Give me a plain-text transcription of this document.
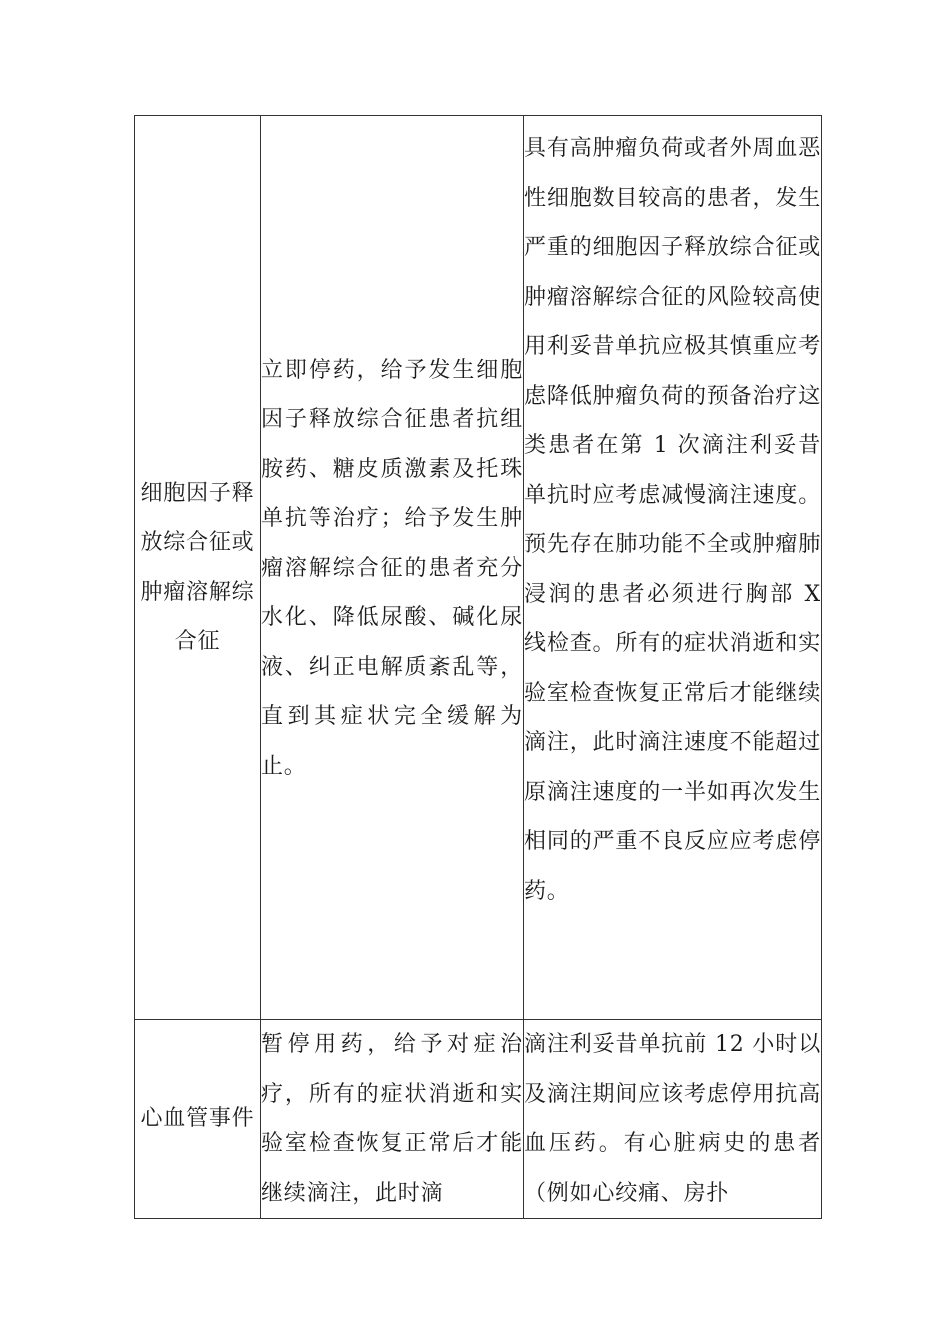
细胞因子释放综合征或肿瘤溶解综合征	立即停药，给予发生细胞因子释放综合征患者抗组胺药、糖皮质激素及托珠单抗等治疗；给予发生肿瘤溶解综合征的患者充分水化、降低尿酸、碱化尿液、纠正电解质紊乱等，直到其症状完全缓解为止。	具有高肿瘤负荷或者外周血恶性细胞数目较高的患者，发生严重的细胞因子释放综合征或肿瘤溶解综合征的风险较高使用利妥昔单抗应极其慎重应考虑降低肿瘤负荷的预备治疗这类患者在第 1 次滴注利妥昔单抗时应考虑减慢滴注速度。预先存在肺功能不全或肿瘤肺浸润的患者必须进行胸部 X 线检查。所有的症状消逝和实验室检查恢复正常后才能继续滴注，此时滴注速度不能超过原滴注速度的一半如再次发生相同的严重不良反应应考虑停药。

心血管事件	暂停用药，给予对症治疗，所有的症状消逝和实验室检查恢复正常后才能继续滴注，此时滴	滴注利妥昔单抗前 12 小时以及滴注期间应该考虑停用抗高血压药。有心脏病史的患者（例如心绞痛、房扑
